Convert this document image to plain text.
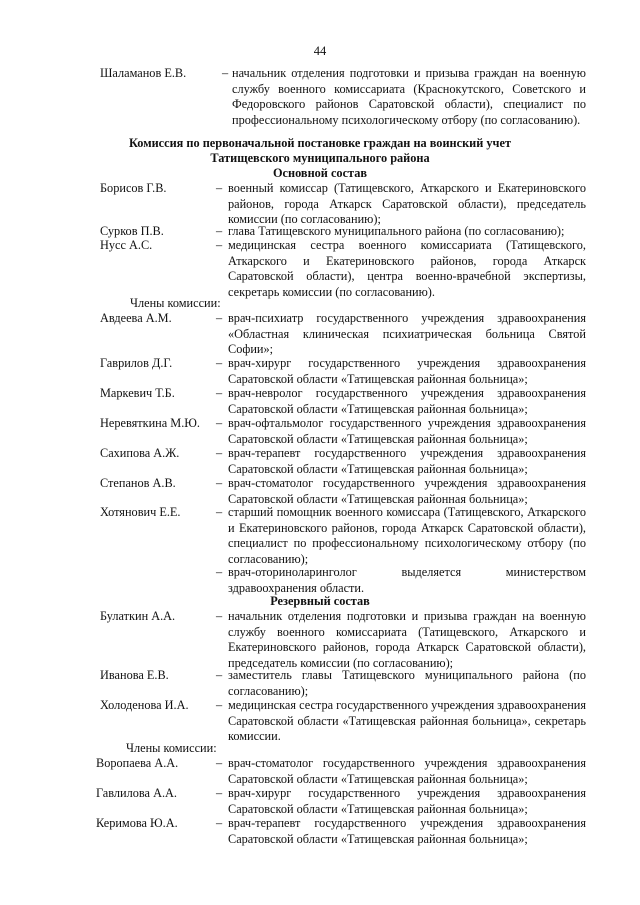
44
Шаламанов Е.В.	– начальник отделения подготовки и призыва граждан на военную службу военного комиссариата (Краснокутского, Советского и Федоровского районов Саратовской области), специалист по профессиональному психологическому отбору (по согласованию).
Комиссия по первоначальной постановке граждан на воинский учет
Татищевского муниципального района
Основной состав
Борисов Г.В.	– военный комиссар (Татищевского, Аткарского и Екатериновского районов, города Аткарск Саратовской области), председатель комиссии (по согласованию);
Сурков П.В.	– глава Татищевского муниципального района (по согласованию);
Нусс А.С.	– медицинская сестра военного комиссариата (Татищевского, Аткарского и Екатериновского районов, города Аткарск Саратовской области), центра военно-врачебной экспертизы, секретарь комиссии (по согласованию).
Члены комиссии:
Авдеева А.М.	– врач-психиатр государственного учреждения здравоохранения «Областная клиническая психиатрическая больница Святой Софии»;
Гаврилов Д.Г.	– врач-хирург государственного учреждения здравоохранения Саратовской области «Татищевская районная больница»;
Маркевич Т.Б.	– врач-невролог государственного учреждения здравоохранения Саратовской области «Татищевская районная больница»;
Неревяткина М.Ю. – врач-офтальмолог государственного учреждения здравоохранения Саратовской области «Татищевская районная больница»;
Сахипова А.Ж.	– врач-терапевт государственного учреждения здравоохранения Саратовской области «Татищевская районная больница»;
Степанов А.В.	– врач-стоматолог государственного учреждения здравоохранения Саратовской области «Татищевская районная больница»;
Хотянович Е.Е.	– старший помощник военного комиссара (Татищевского, Аткарского и Екатериновского районов, города Аткарск Саратовской области), специалист по профессиональному психологическому отбору (по согласованию);
– врач-оториноларинголог выделяется министерством здравоохранения области.
Резервный состав
Булаткин А.А.	– начальник отделения подготовки и призыва граждан на военную службу военного комиссариата (Татищевского, Аткарского и Екатериновского районов, города Аткарск Саратовской области), председатель комиссии (по согласованию);
Иванова Е.В.	– заместитель главы Татищевского муниципального района (по согласованию);
Холоденова И.А. – медицинская сестра государственного учреждения здравоохранения Саратовской области «Татищевская районная больница», секретарь комиссии.
Члены комиссии:
Воропаева А.А.	– врач-стоматолог государственного учреждения здравоохранения Саратовской области «Татищевская районная больница»;
Гавлилова А.А.	– врач-хирург государственного учреждения здравоохранения Саратовской области «Татищевская районная больница»;
Керимова Ю.А.	– врач-терапевт государственного учреждения здравоохранения Саратовской области «Татищевская районная больница»;
